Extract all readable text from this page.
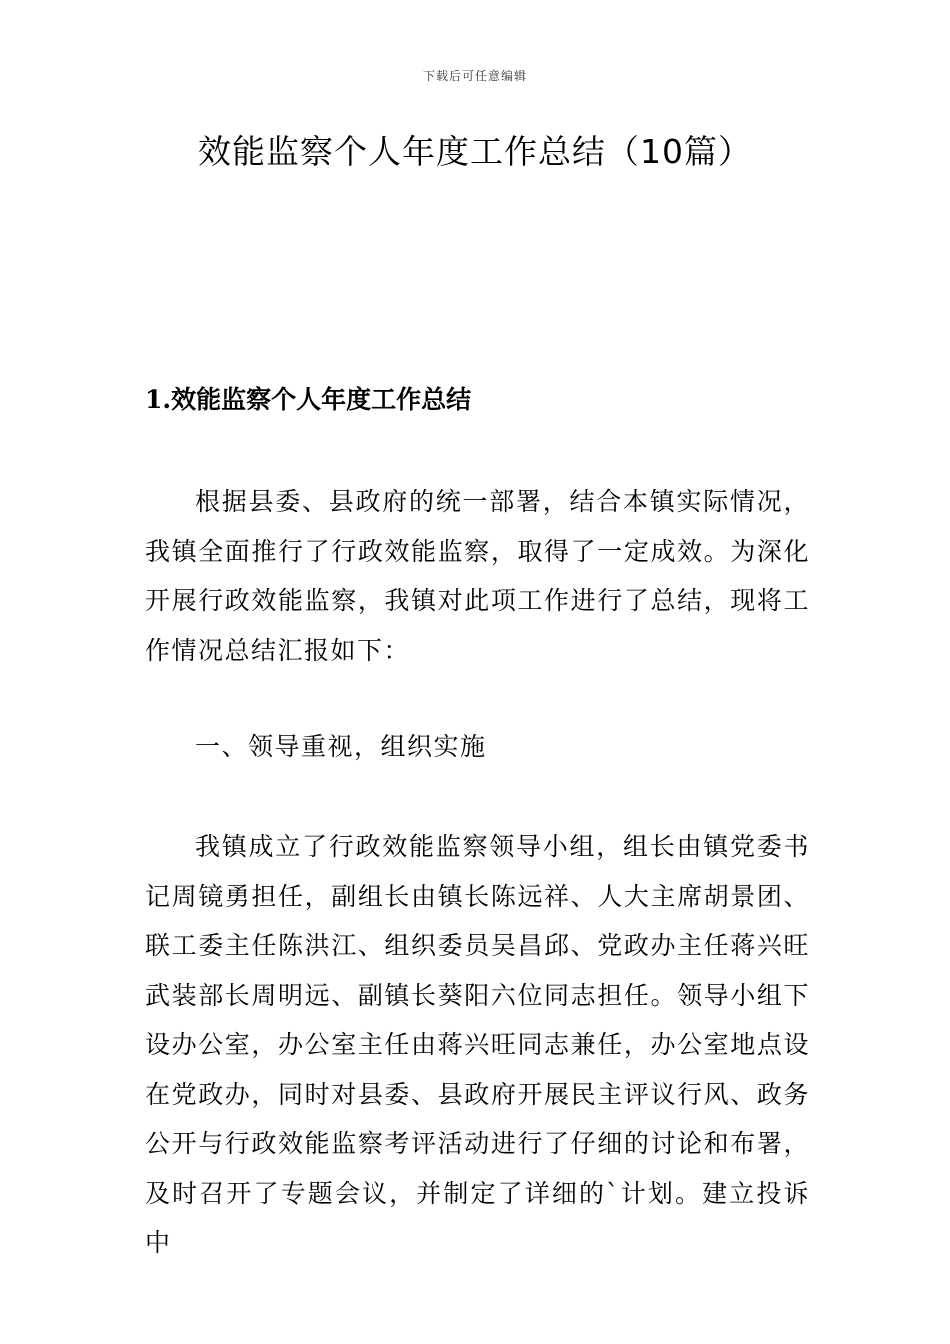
下载后可任意编辑
效能监察个人年度工作总结（10篇）
1.效能监察个人年度工作总结

根据县委、县政府的统一部署，结合本镇实际情况，我镇全面推行了行政效能监察，取得了一定成效。为深化开展行政效能监察，我镇对此项工作进行了总结，现将工作情况总结汇报如下：

一、领导重视，组织实施

我镇成立了行政效能监察领导小组，组长由镇党委书记周镜勇担任，副组长由镇长陈远祥、人大主席胡景团、联工委主任陈洪江、组织委员吴昌邱、党政办主任蒋兴旺武装部长周明远、副镇长葵阳六位同志担任。领导小组下设办公室，办公室主任由蒋兴旺同志兼任，办公室地点设在党政办，同时对县委、县政府开展民主评议行风、政务公开与行政效能监察考评活动进行了仔细的讨论和布署，及时召开了专题会议，并制定了详细的`计划。建立投诉中
